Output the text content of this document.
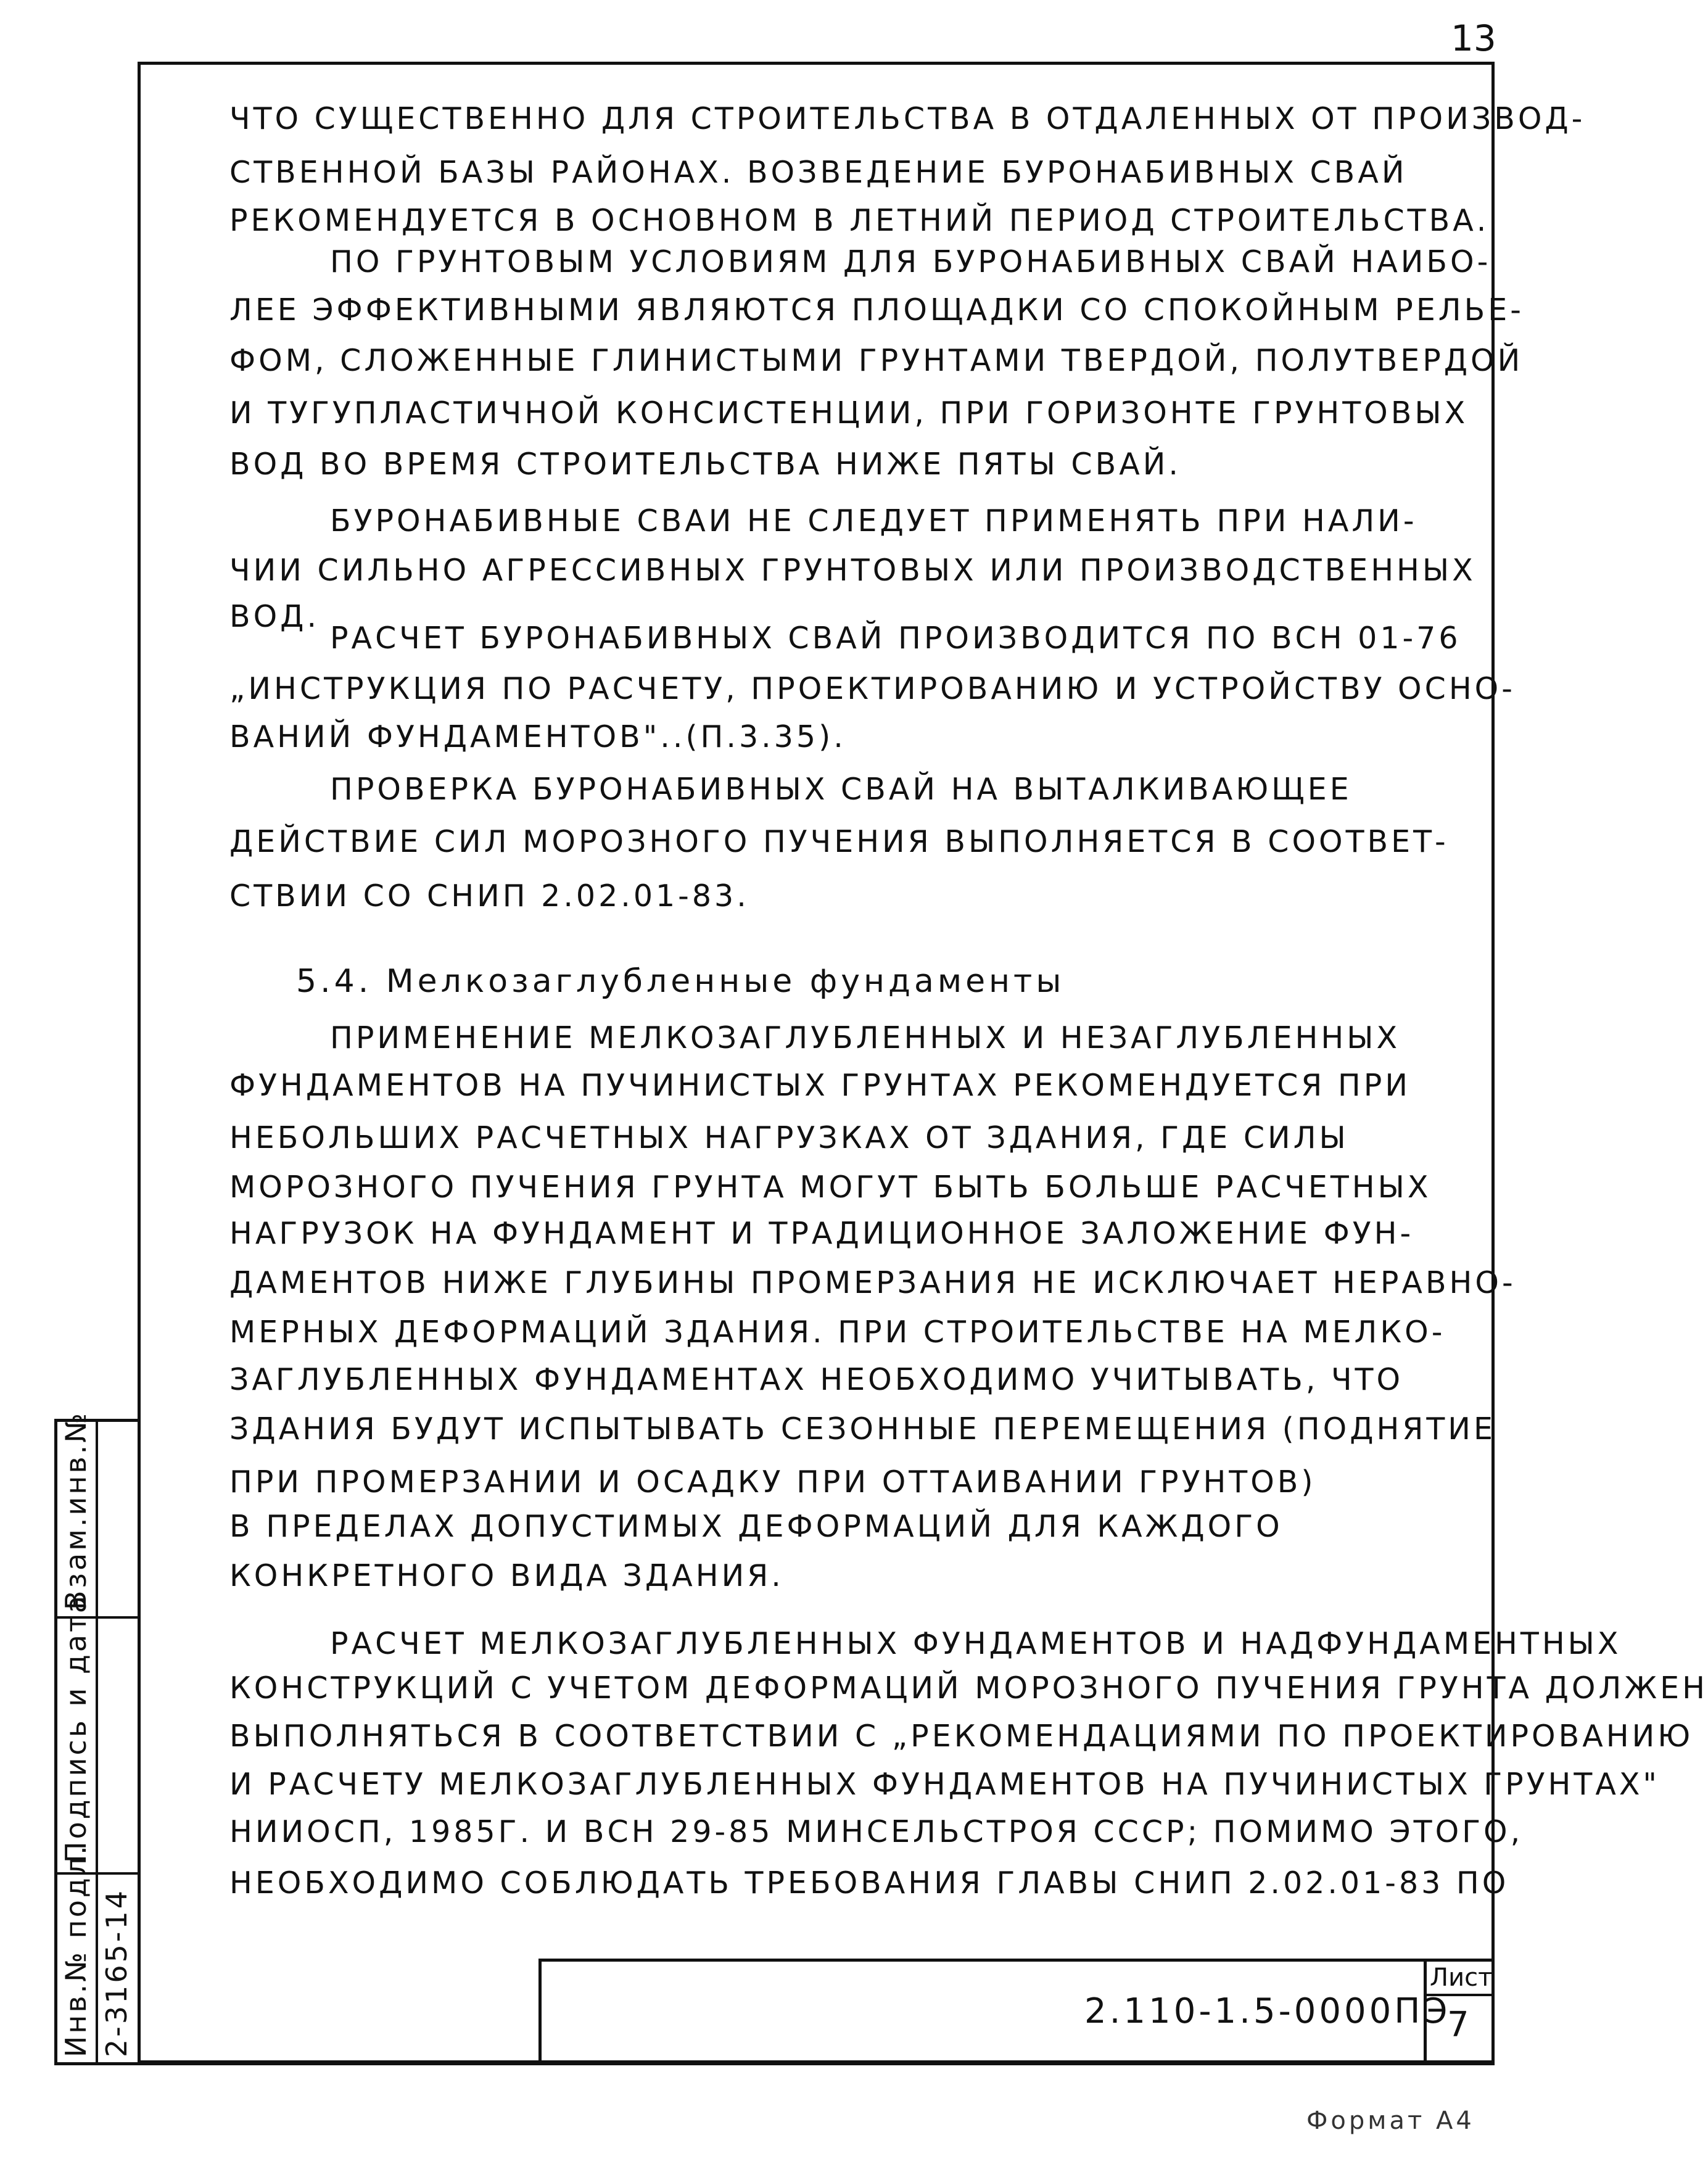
13
ЧТО СУЩЕСТВЕННО ДЛЯ СТРОИТЕЛЬСТВА В ОТДАЛЕННЫХ ОТ ПРОИЗВОД-
СТВЕННОЙ БАЗЫ РАЙОНАХ. ВОЗВЕДЕНИЕ БУРОНАБИВНЫХ СВАЙ
РЕКОМЕНДУЕТСЯ В ОСНОВНОМ В ЛЕТНИЙ ПЕРИОД СТРОИТЕЛЬСТВА.
ПО ГРУНТОВЫМ УСЛОВИЯМ ДЛЯ БУРОНАБИВНЫХ СВАЙ НАИБО-
ЛЕЕ ЭФФЕКТИВНЫМИ ЯВЛЯЮТСЯ ПЛОЩАДКИ СО СПОКОЙНЫМ РЕЛЬЕ-
ФОМ, СЛОЖЕННЫЕ ГЛИНИСТЫМИ ГРУНТАМИ ТВЕРДОЙ, ПОЛУТВЕРДОЙ
И ТУГУПЛАСТИЧНОЙ КОНСИСТЕНЦИИ, ПРИ ГОРИЗОНТЕ ГРУНТОВЫХ
ВОД ВО ВРЕМЯ СТРОИТЕЛЬСТВА НИЖЕ ПЯТЫ СВАЙ.
БУРОНАБИВНЫЕ СВАИ НЕ СЛЕДУЕТ ПРИМЕНЯТЬ ПРИ НАЛИ-
ЧИИ СИЛЬНО АГРЕССИВНЫХ ГРУНТОВЫХ ИЛИ ПРОИЗВОДСТВЕННЫХ
ВОД.
РАСЧЕТ БУРОНАБИВНЫХ СВАЙ ПРОИЗВОДИТСЯ ПО ВСН 01-76
„ИНСТРУКЦИЯ ПО РАСЧЕТУ, ПРОЕКТИРОВАНИЮ И УСТРОЙСТВУ ОСНО-
ВАНИЙ ФУНДАМЕНТОВ"..(П.3.35).
ПРОВЕРКА БУРОНАБИВНЫХ СВАЙ НА ВЫТАЛКИВАЮЩЕЕ
ДЕЙСТВИЕ СИЛ МОРОЗНОГО ПУЧЕНИЯ ВЫПОЛНЯЕТСЯ В СООТВЕТ-
СТВИИ СО СНИП 2.02.01-83.
5.4. Мелкозаглубленные фундаменты
ПРИМЕНЕНИЕ МЕЛКОЗАГЛУБЛЕННЫХ И НЕЗАГЛУБЛЕННЫХ
ФУНДАМЕНТОВ НА ПУЧИНИСТЫХ ГРУНТАХ РЕКОМЕНДУЕТСЯ ПРИ
НЕБОЛЬШИХ РАСЧЕТНЫХ НАГРУЗКАХ ОТ ЗДАНИЯ, ГДЕ СИЛЫ
МОРОЗНОГО ПУЧЕНИЯ ГРУНТА МОГУТ БЫТЬ БОЛЬШЕ РАСЧЕТНЫХ
НАГРУЗОК НА ФУНДАМЕНТ И ТРАДИЦИОННОЕ ЗАЛОЖЕНИЕ ФУН-
ДАМЕНТОВ НИЖЕ ГЛУБИНЫ ПРОМЕРЗАНИЯ НЕ ИСКЛЮЧАЕТ НЕРАВНО-
МЕРНЫХ ДЕФОРМАЦИЙ ЗДАНИЯ. ПРИ СТРОИТЕЛЬСТВЕ НА МЕЛКО-
ЗАГЛУБЛЕННЫХ ФУНДАМЕНТАХ НЕОБХОДИМО УЧИТЫВАТЬ, ЧТО
ЗДАНИЯ БУДУТ ИСПЫТЫВАТЬ СЕЗОННЫЕ ПЕРЕМЕЩЕНИЯ (ПОДНЯТИЕ
ПРИ ПРОМЕРЗАНИИ И ОСАДКУ ПРИ ОТТАИВАНИИ ГРУНТОВ)
В ПРЕДЕЛАХ ДОПУСТИМЫХ ДЕФОРМАЦИЙ ДЛЯ КАЖДОГО
КОНКРЕТНОГО ВИДА ЗДАНИЯ.
РАСЧЕТ МЕЛКОЗАГЛУБЛЕННЫХ ФУНДАМЕНТОВ И НАДФУНДАМЕНТНЫХ
КОНСТРУКЦИЙ С УЧЕТОМ ДЕФОРМАЦИЙ МОРОЗНОГО ПУЧЕНИЯ ГРУНТА ДОЛЖЕН
ВЫПОЛНЯТЬСЯ В СООТВЕТСТВИИ С „РЕКОМЕНДАЦИЯМИ ПО ПРОЕКТИРОВАНИЮ
И РАСЧЕТУ МЕЛКОЗАГЛУБЛЕННЫХ ФУНДАМЕНТОВ НА ПУЧИНИСТЫХ ГРУНТАХ"
НИИОСП, 1985Г. И ВСН 29-85 МИНСЕЛЬСТРОЯ СССР; ПОМИМО ЭТОГО,
НЕОБХОДИМО СОБЛЮДАТЬ ТРЕБОВАНИЯ ГЛАВЫ СНИП 2.02.01-83 ПО
2.110-1.5-0000ПЭ
Лист
7
Инв.№ подл. 2-3165-14
Подпись и дата
Взам.инв.№
Формат А4
